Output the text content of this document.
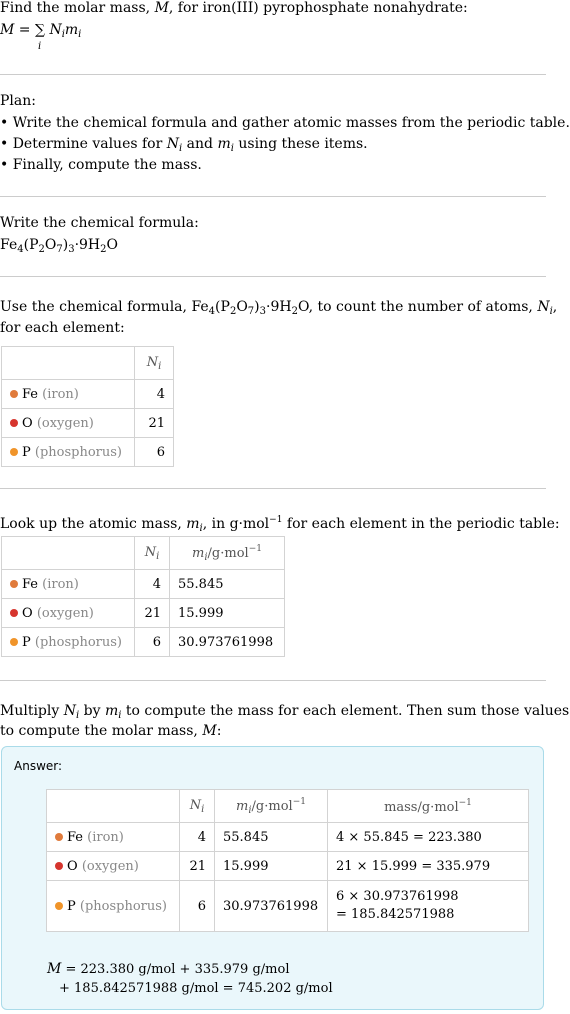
Find the molar mass, M, for iron(III) pyrophosphate nonahydrate:
M = ∑
i
$N_im_i$
Plan:
• Write the chemical formula and gather atomic masses from the periodic table.
• Determine values for $N_i$ and $m_i$ using these items.
• Finally, compute the mass.
Write the chemical formula:
$Fe_4(P_2O_7)_3\cdot 9H_2O$
Use the chemical formula, $Fe_4(P_2O_7)_3\cdot 9H_2O$, to count the number of atoms, $N_i$,
for each element:
	$N_i$
Fe (iron)	4
O (oxygen)	21
P (phosphorus)	6
Look up the atomic mass, $m_i$, in g·mol$^{-1}$ for each element in the periodic table:
	$N_i$	$m_i/g\cdot mol^{-1}$
Fe (iron)	4	55.845
O (oxygen)	21	15.999
P (phosphorus)	6	30.973761998
Multiply $N_i$ by $m_i$ to compute the mass for each element. Then sum those values
to compute the molar mass, M:
Answer:
	$N_i$	$m_i/g\cdot mol^{-1}$	mass/g·mol$^{-1}$
Fe (iron)	4	55.845	4 × 55.845 = 223.380
O (oxygen)	21	15.999	21 × 15.999 = 335.979
P (phosphorus)	6	30.973761998	6 × 30.973761998
= 185.842571988
M = 223.380 g/mol + 335.979 g/mol
+ 185.842571988 g/mol = 745.202 g/mol
